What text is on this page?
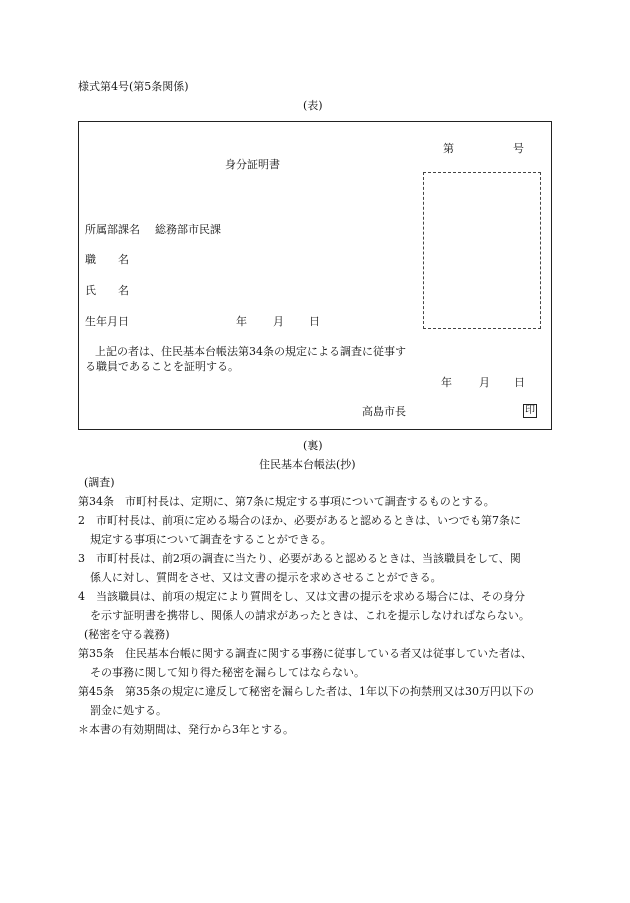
様式第4号(第5条関係)
(表)
第	号
身分証明書
所属部課名 総務部市民課
職　　名
氏　　名
生年月日	年 月 日
上記の者は、住民基本台帳法第34条の規定による調査に従事す
る職員であることを証明する。
年 月 日
高島市長	印
(裏)
住民基本台帳法(抄)
(調査)
第34条　市町村長は、定期に、第7条に規定する事項について調査するものとする。
2　市町村長は、前項に定める場合のほか、必要があると認めるときは、いつでも第7条に
規定する事項について調査をすることができる。
3　市町村長は、前2項の調査に当たり、必要があると認めるときは、当該職員をして、関
係人に対し、質問をさせ、又は文書の提示を求めさせることができる。
4　当該職員は、前項の規定により質問をし、又は文書の提示を求める場合には、その身分
を示す証明書を携帯し、関係人の請求があったときは、これを提示しなければならない。
(秘密を守る義務)
第35条　住民基本台帳に関する調査に関する事務に従事している者又は従事していた者は、
その事務に関して知り得た秘密を漏らしてはならない。
第45条　第35条の規定に違反して秘密を漏らした者は、1年以下の拘禁刑又は30万円以下の
罰金に処する。
＊本書の有効期間は、発行から3年とする。
